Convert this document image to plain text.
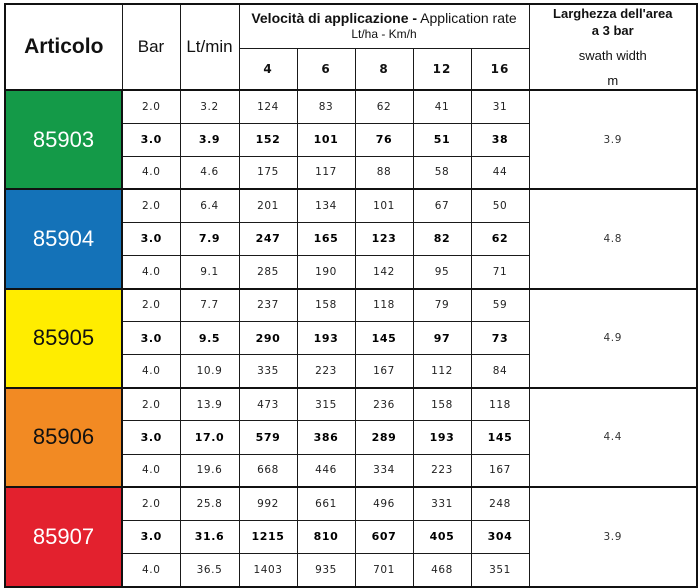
Articolo	Bar	Lt/min	Velocità di applicazione - Application rate
Lt/ha - Km/h					Larghezza dell'area
a 3 bar
swath width
m

			4	6	8	12	16	
85903	2.0	3.2	124	83	62	41	31	3.9
	3.0	3.9	152	101	76	51	38	
	4.0	4.6	175	117	88	58	44	
85904	2.0	6.4	201	134	101	67	50	4.8
	3.0	7.9	247	165	123	82	62	
	4.0	9.1	285	190	142	95	71	
85905	2.0	7.7	237	158	118	79	59	4.9
	3.0	9.5	290	193	145	97	73	
	4.0	10.9	335	223	167	112	84	
85906	2.0	13.9	473	315	236	158	118	4.4
	3.0	17.0	579	386	289	193	145	
	4.0	19.6	668	446	334	223	167	
85907	2.0	25.8	992	661	496	331	248	3.9
	3.0	31.6	1215	810	607	405	304	
	4.0	36.5	1403	935	701	468	351	
